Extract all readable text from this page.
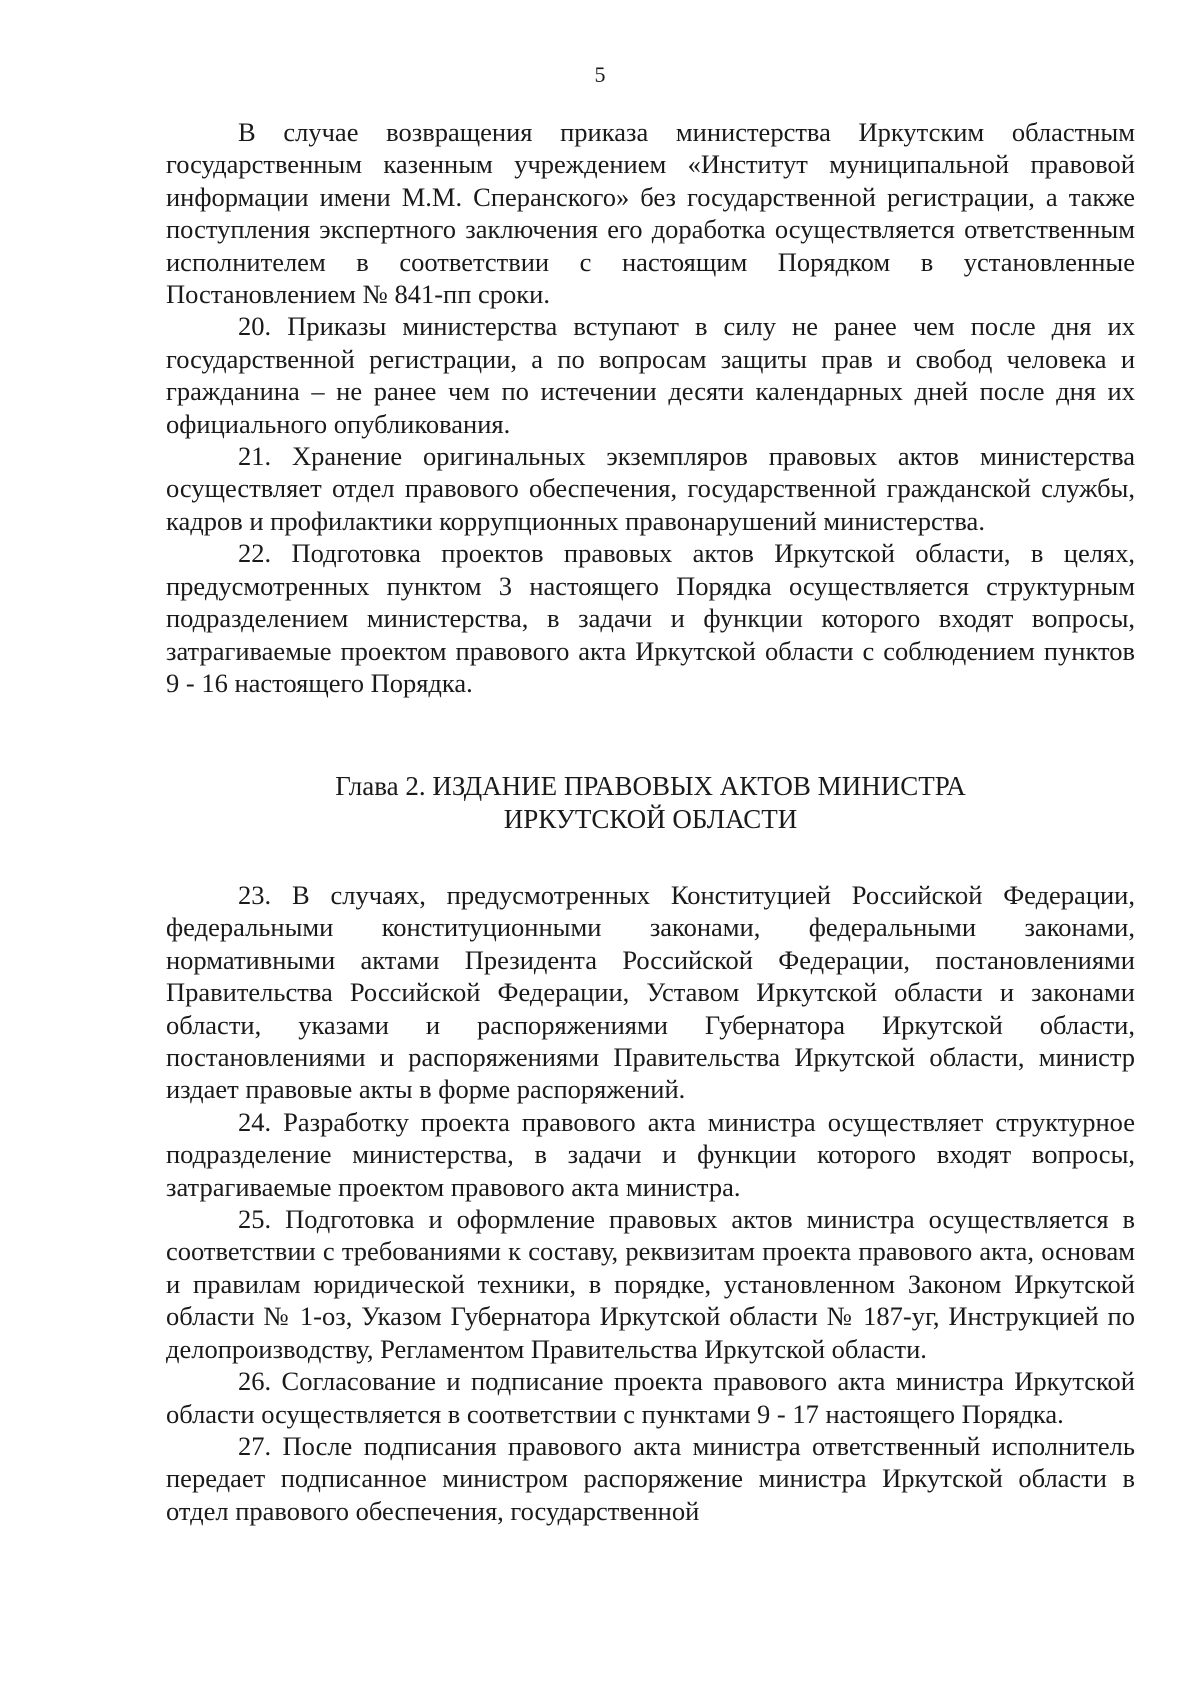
5

В случае возвращения приказа министерства Иркутским областным государственным казенным учреждением «Институт муниципальной правовой информации имени М.М. Сперанского» без государственной регистрации, а также поступления экспертного заключения его доработка осуществляется ответственным исполнителем в соответствии с настоящим Порядком в установленные Постановлением № 841-пп сроки.

20. Приказы министерства вступают в силу не ранее чем после дня их государственной регистрации, а по вопросам защиты прав и свобод человека и гражданина – не ранее чем по истечении десяти календарных дней после дня их официального опубликования.

21. Хранение оригинальных экземпляров правовых актов министерства осуществляет отдел правового обеспечения, государственной гражданской службы, кадров и профилактики коррупционных правонарушений министерства.

22. Подготовка проектов правовых актов Иркутской области, в целях, предусмотренных пунктом 3 настоящего Порядка осуществляется структурным подразделением министерства, в задачи и функции которого входят вопросы, затрагиваемые проектом правового акта Иркутской области с соблюдением пунктов 9 - 16 настоящего Порядка.

Глава 2. ИЗДАНИЕ ПРАВОВЫХ АКТОВ МИНИСТРА
ИРКУТСКОЙ ОБЛАСТИ

23. В случаях, предусмотренных Конституцией Российской Федерации, федеральными конституционными законами, федеральными законами, нормативными актами Президента Российской Федерации, постановлениями Правительства Российской Федерации, Уставом Иркутской области и законами области, указами и распоряжениями Губернатора Иркутской области, постановлениями и распоряжениями Правительства Иркутской области, министр издает правовые акты в форме распоряжений.

24. Разработку проекта правового акта министра осуществляет структурное подразделение министерства, в задачи и функции которого входят вопросы, затрагиваемые проектом правового акта министра.

25. Подготовка и оформление правовых актов министра осуществляется в соответствии с требованиями к составу, реквизитам проекта правового акта, основам и правилам юридической техники, в порядке, установленном Законом Иркутской области № 1-оз, Указом Губернатора Иркутской области № 187-уг, Инструкцией по делопроизводству, Регламентом Правительства Иркутской области.

26. Согласование и подписание проекта правового акта министра Иркутской области осуществляется в соответствии с пунктами 9 - 17 настоящего Порядка.

27. После подписания правового акта министра ответственный исполнитель передает подписанное министром распоряжение министра Иркутской области в отдел правового обеспечения, государственной
